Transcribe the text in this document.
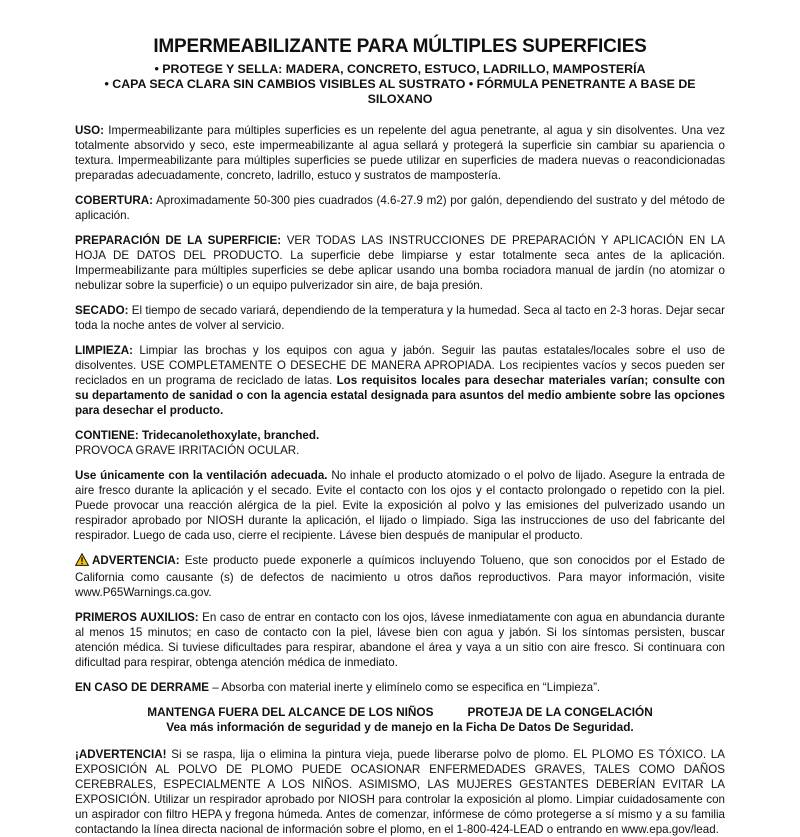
IMPERMEABILIZANTE PARA MÚLTIPLES SUPERFICIES
• PROTEGE Y SELLA: MADERA, CONCRETO, ESTUCO, LADRILLO, MAMPOSTERÍA
• CAPA SECA CLARA SIN CAMBIOS VISIBLES AL SUSTRATO • FÓRMULA PENETRANTE A BASE DE SILOXANO

USO: Impermeabilizante para múltiples superficies es un repelente del agua penetrante, al agua y sin disolventes. Una vez totalmente absorvido y seco, este impermeabilizante al agua sellará y protegerá la superficie sin cambiar su apariencia o textura. Impermeabilizante para múltiples superficies se puede utilizar en superficies de madera nuevas o reacondicionadas preparadas adecuadamente, concreto, ladrillo, estuco y sustratos de mampostería.

COBERTURA: Aproximadamente 50-300 pies cuadrados (4.6-27.9 m2) por galón, dependiendo del sustrato y del método de aplicación.

PREPARACIÓN DE LA SUPERFICIE: VER TODAS LAS INSTRUCCIONES DE PREPARACIÓN Y APLICACIÓN EN LA HOJA DE DATOS DEL PRODUCTO. La superficie debe limpiarse y estar totalmente seca antes de la aplicación. Impermeabilizante para múltiples superficies se debe aplicar usando una bomba rociadora manual de jardín (no atomizar o nebulizar sobre la superficie) o un equipo pulverizador sin aire, de baja presión.

SECADO: El tiempo de secado variará, dependiendo de la temperatura y la humedad. Seca al tacto en 2-3 horas. Dejar secar toda la noche antes de volver al servicio.

LIMPIEZA: Limpiar las brochas y los equipos con agua y jabón. Seguir las pautas estatales/locales sobre el uso de disolventes. USE COMPLETAMENTE O DESECHE DE MANERA APROPIADA. Los recipientes vacíos y secos pueden ser reciclados en un programa de reciclado de latas. Los requisitos locales para desechar materiales varían; consulte con su departamento de sanidad o con la agencia estatal designada para asuntos del medio ambiente sobre las opciones para desechar el producto.

CONTIENE: Tridecanolethoxylate, branched.
PROVOCA GRAVE IRRITACIÓN OCULAR.

Use únicamente con la ventilación adecuada. No inhale el producto atomizado o el polvo de lijado. Asegure la entrada de aire fresco durante la aplicación y el secado. Evite el contacto con los ojos y el contacto prolongado o repetido con la piel. Puede provocar una reacción alérgica de la piel. Evite la exposición al polvo y las emisiones del pulverizado usando un respirador aprobado por NIOSH durante la aplicación, el lijado o limpiado. Siga las instrucciones de uso del fabricante del respirador. Luego de cada uso, cierre el recipiente. Lávese bien después de manipular el producto.

ADVERTENCIA: Este producto puede exponerle a químicos incluyendo Tolueno, que son conocidos por el Estado de California como causante (s) de defectos de nacimiento u otros daños reproductivos. Para mayor información, visite www.P65Warnings.ca.gov.

PRIMEROS AUXILIOS: En caso de entrar en contacto con los ojos, lávese inmediatamente con agua en abundancia durante al menos 15 minutos; en caso de contacto con la piel, lávese bien con agua y jabón. Si los síntomas persisten, buscar atención médica. Si tuviese dificultades para respirar, abandone el área y vaya a un sitio con aire fresco. Si continuara con dificultad para respirar, obtenga atención médica de inmediato.

EN CASO DE DERRAME – Absorba con material inerte y elimínelo como se especifica en “Limpieza”.

MANTENGA FUERA DEL ALCANCE DE LOS NIÑOS	PROTEJA DE LA CONGELACIÓN
Vea más información de seguridad y de manejo en la Ficha De Datos De Seguridad.

¡ADVERTENCIA! Si se raspa, lija o elimina la pintura vieja, puede liberarse polvo de plomo. EL PLOMO ES TÓXICO. LA EXPOSICIÓN AL POLVO DE PLOMO PUEDE OCASIONAR ENFERMEDADES GRAVES, TALES COMO DAÑOS CEREBRALES, ESPECIALMENTE A LOS NIÑOS. ASIMISMO, LAS MUJERES GESTANTES DEBERÍAN EVITAR LA EXPOSICIÓN. Utilizar un respirador aprobado por NIOSH para controlar la exposición al plomo. Limpiar cuidadosamente con un aspirador con filtro HEPA y fregona húmeda. Antes de comenzar, infórmese de cómo protegerse a sí mismo y a su familia contactando la línea directa nacional de información sobre el plomo, en el 1-800-424-LEAD o entrando en www.epa.gov/lead.
